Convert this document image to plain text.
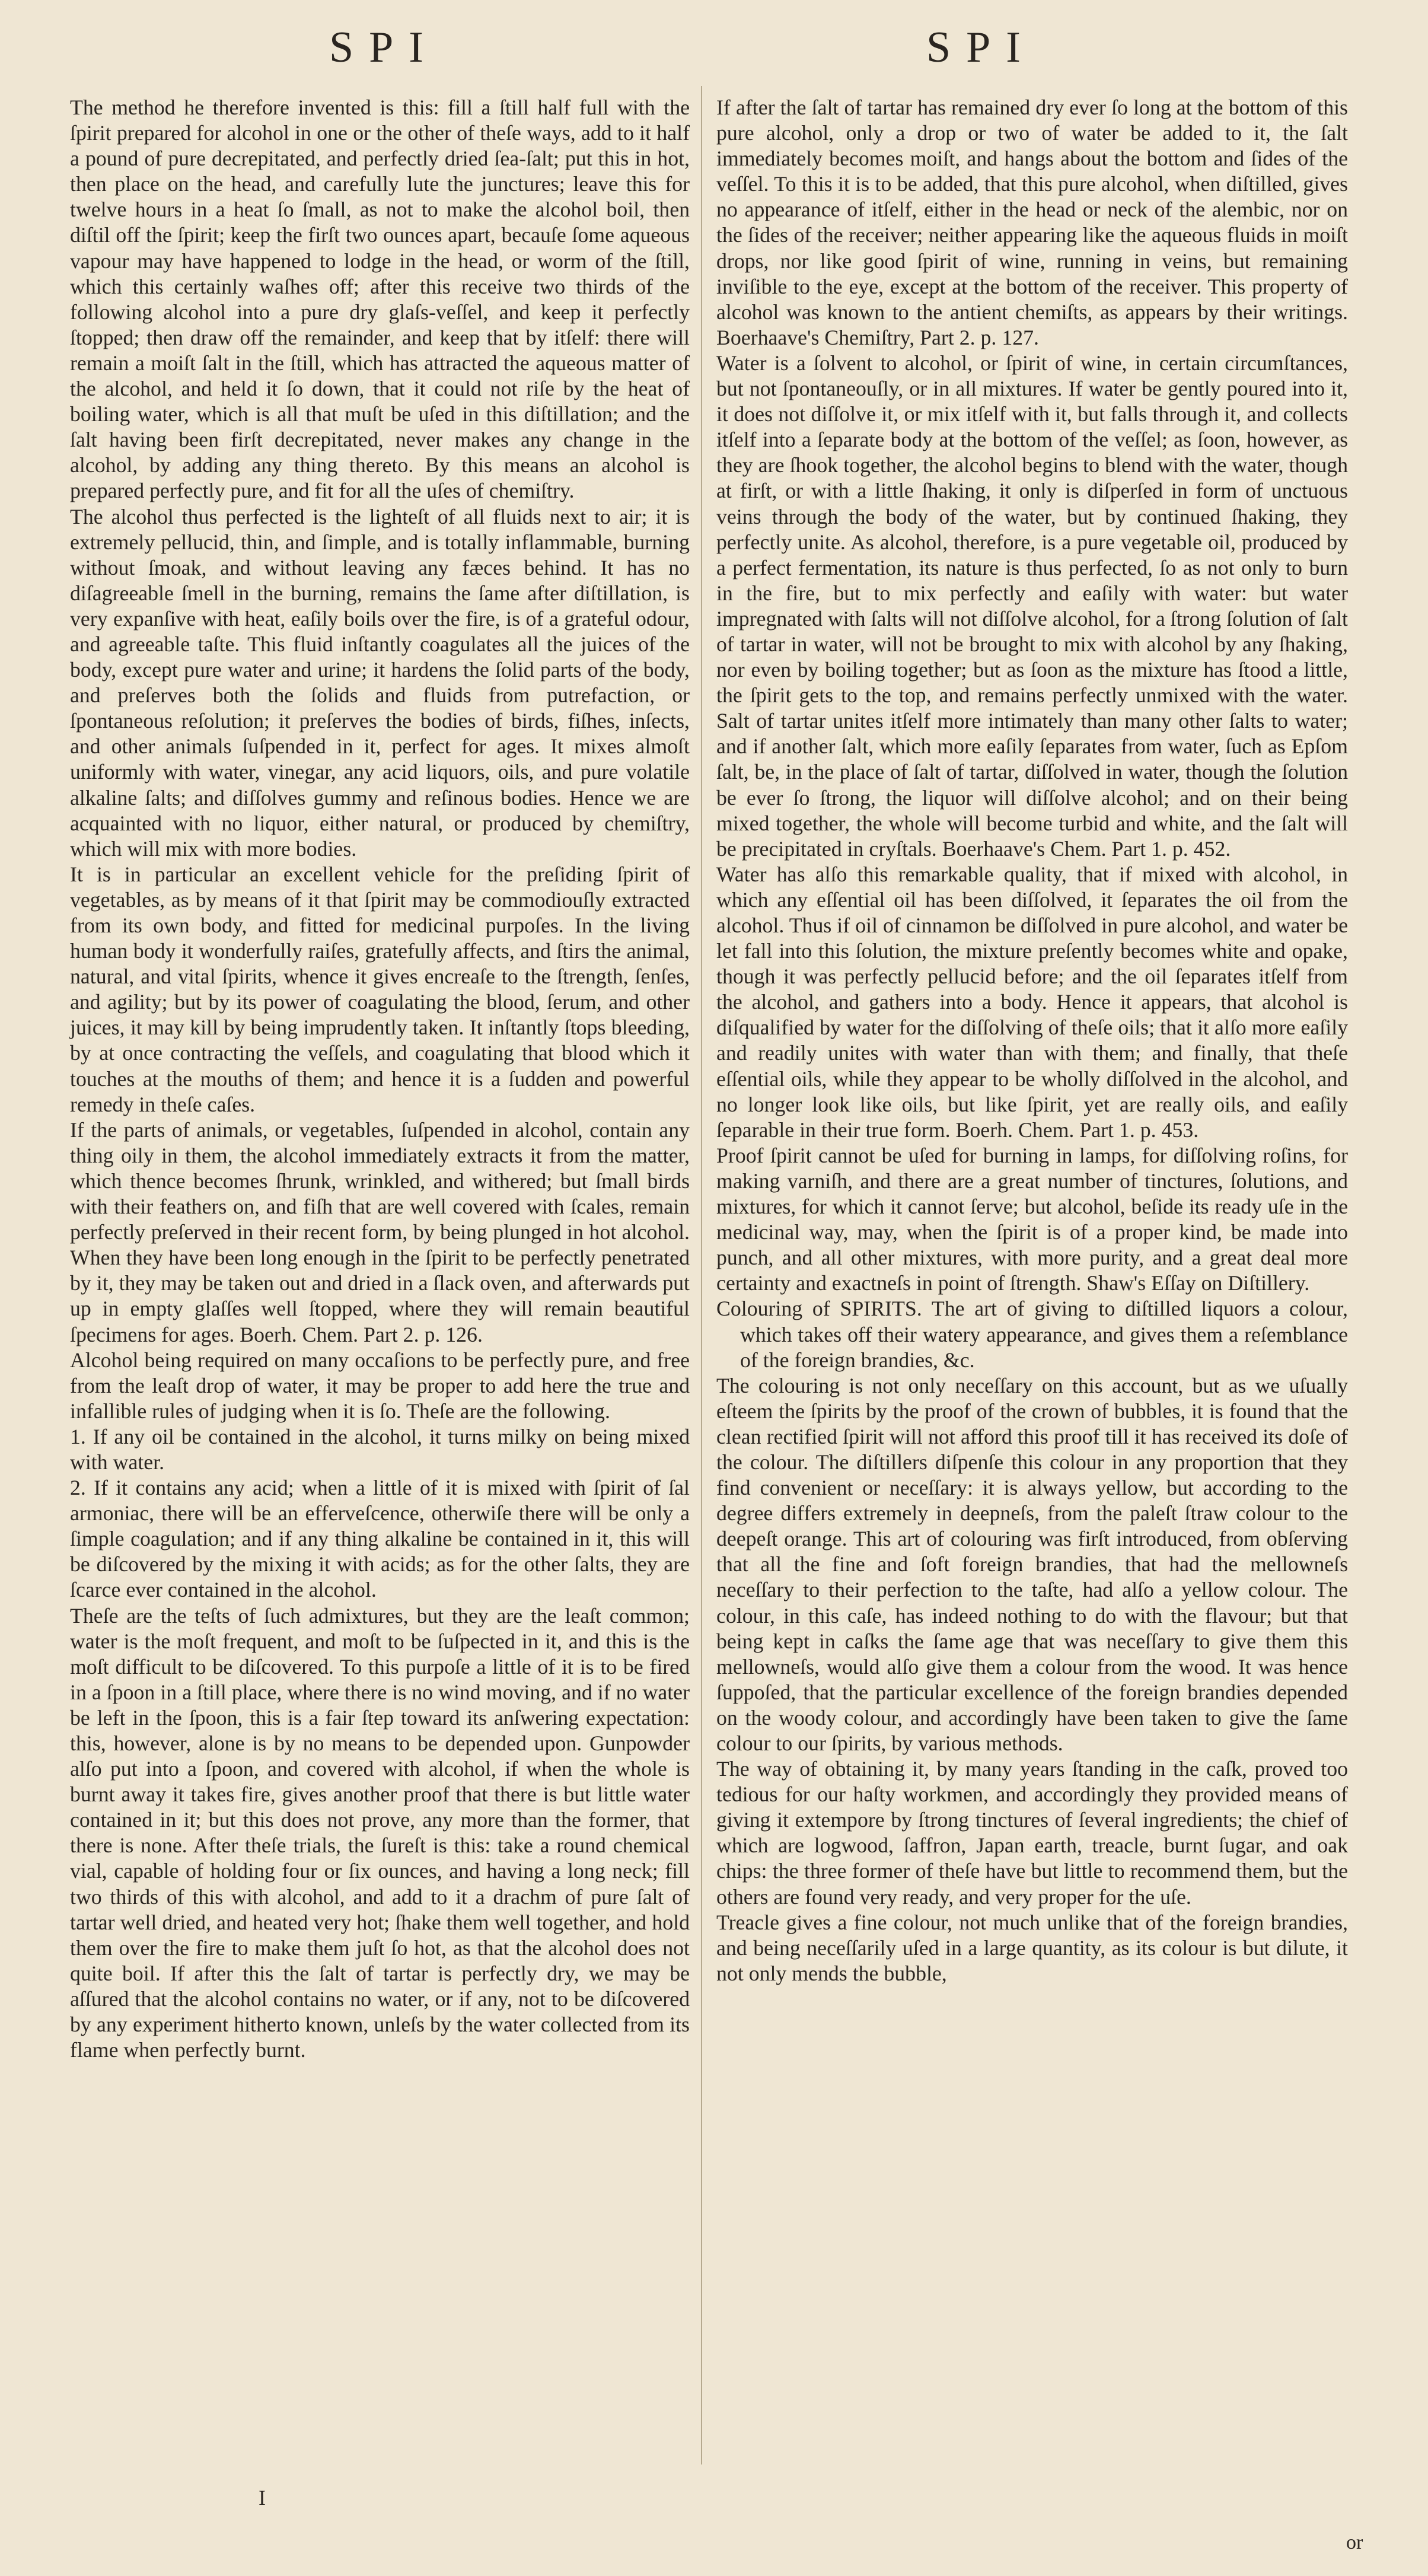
SPI	SPI

The method he therefore invented is this: fill a ſtill half full with the ſpirit prepared for alcohol in one or the other of theſe ways, add to it half a pound of pure decrepitated, and perfectly dried ſea-ſalt; put this in hot, then place on the head, and carefully lute the junctures; leave this for twelve hours in a heat ſo ſmall, as not to make the alcohol boil, then diſtil off the ſpirit; keep the firſt two ounces apart, becauſe ſome aqueous vapour may have happened to lodge in the head, or worm of the ſtill, which this certainly waſhes off; after this receive two thirds of the following alcohol into a pure dry glaſs-veſſel, and keep it perfectly ſtopped; then draw off the remainder, and keep that by itſelf: there will remain a moiſt ſalt in the ſtill, which has attracted the aqueous matter of the alcohol, and held it ſo down, that it could not riſe by the heat of boiling water, which is all that muſt be uſed in this diſtillation; and the ſalt having been firſt decrepitated, never makes any change in the alcohol, by adding any thing thereto. By this means an alcohol is prepared perfectly pure, and fit for all the uſes of chemiſtry.

The alcohol thus perfected is the lighteſt of all fluids next to air; it is extremely pellucid, thin, and ſimple, and is totally inflammable, burning without ſmoak, and without leaving any fæces behind. It has no diſagreeable ſmell in the burning, remains the ſame after diſtillation, is very expanſive with heat, eaſily boils over the fire, is of a grateful odour, and agreeable taſte. This fluid inſtantly coagulates all the juices of the body, except pure water and urine; it hardens the ſolid parts of the body, and preſerves both the ſolids and fluids from putrefaction, or ſpontaneous reſolution; it preſerves the bodies of birds, fiſhes, inſects, and other animals ſuſpended in it, perfect for ages. It mixes almoſt uniformly with water, vinegar, any acid liquors, oils, and pure volatile alkaline ſalts; and diſſolves gummy and reſinous bodies. Hence we are acquainted with no liquor, either natural, or produced by chemiſtry, which will mix with more bodies.

It is in particular an excellent vehicle for the preſiding ſpirit of vegetables, as by means of it that ſpirit may be commodiouſly extracted from its own body, and fitted for medicinal purpoſes. In the living human body it wonderfully raiſes, gratefully affects, and ſtirs the animal, natural, and vital ſpirits, whence it gives encreaſe to the ſtrength, ſenſes, and agility; but by its power of coagulating the blood, ſerum, and other juices, it may kill by being imprudently taken. It inſtantly ſtops bleeding, by at once contracting the veſſels, and coagulating that blood which it touches at the mouths of them; and hence it is a ſudden and powerful remedy in theſe caſes.

If the parts of animals, or vegetables, ſuſpended in alcohol, contain any thing oily in them, the alcohol immediately extracts it from the matter, which thence becomes ſhrunk, wrinkled, and withered; but ſmall birds with their feathers on, and fiſh that are well covered with ſcales, remain perfectly preſerved in their recent form, by being plunged in hot alcohol. When they have been long enough in the ſpirit to be perfectly penetrated by it, they may be taken out and dried in a ſlack oven, and afterwards put up in empty glaſſes well ſtopped, where they will remain beautiful ſpecimens for ages. Boerh. Chem. Part 2. p. 126.

Alcohol being required on many occaſions to be perfectly pure, and free from the leaſt drop of water, it may be proper to add here the true and infallible rules of judging when it is ſo. Theſe are the following.

1. If any oil be contained in the alcohol, it turns milky on being mixed with water.

2. If it contains any acid; when a little of it is mixed with ſpirit of ſal armoniac, there will be an efferveſcence, otherwiſe there will be only a ſimple coagulation; and if any thing alkaline be contained in it, this will be diſcovered by the mixing it with acids; as for the other ſalts, they are ſcarce ever contained in the alcohol.

Theſe are the teſts of ſuch admixtures, but they are the leaſt common; water is the moſt frequent, and moſt to be ſuſpected in it, and this is the moſt difficult to be diſcovered. To this purpoſe a little of it is to be fired in a ſpoon in a ſtill place, where there is no wind moving, and if no water be left in the ſpoon, this is a fair ſtep toward its anſwering expectation: this, however, alone is by no means to be depended upon. Gunpowder alſo put into a ſpoon, and covered with alcohol, if when the whole is burnt away it takes fire, gives another proof that there is but little water contained in it; but this does not prove, any more than the former, that there is none. After theſe trials, the ſureſt is this: take a round chemical vial, capable of holding four or ſix ounces, and having a long neck; fill two thirds of this with alcohol, and add to it a drachm of pure ſalt of tartar well dried, and heated very hot; ſhake them well together, and hold them over the fire to make them juſt ſo hot, as that the alcohol does not quite boil. If after this the ſalt of tartar is perfectly dry, we may be aſſured that the alcohol contains no water, or if any, not to be diſcovered by any experiment hitherto known, unleſs by the water collected from its flame when perfectly burnt.

If after the ſalt of tartar has remained dry ever ſo long at the bottom of this pure alcohol, only a drop or two of water be added to it, the ſalt immediately becomes moiſt, and hangs about the bottom and ſides of the veſſel. To this it is to be added, that this pure alcohol, when diſtilled, gives no appearance of itſelf, either in the head or neck of the alembic, nor on the ſides of the receiver; neither appearing like the aqueous fluids in moiſt drops, nor like good ſpirit of wine, running in veins, but remaining inviſible to the eye, except at the bottom of the receiver. This property of alcohol was known to the antient chemiſts, as appears by their writings. Boerhaave's Chemiſtry, Part 2. p. 127.

Water is a ſolvent to alcohol, or ſpirit of wine, in certain circumſtances, but not ſpontaneouſly, or in all mixtures. If water be gently poured into it, it does not diſſolve it, or mix itſelf with it, but falls through it, and collects itſelf into a ſeparate body at the bottom of the veſſel; as ſoon, however, as they are ſhook together, the alcohol begins to blend with the water, though at firſt, or with a little ſhaking, it only is diſperſed in form of unctuous veins through the body of the water, but by continued ſhaking, they perfectly unite. As alcohol, therefore, is a pure vegetable oil, produced by a perfect fermentation, its nature is thus perfected, ſo as not only to burn in the fire, but to mix perfectly and eaſily with water: but water impregnated with ſalts will not diſſolve alcohol, for a ſtrong ſolution of ſalt of tartar in water, will not be brought to mix with alcohol by any ſhaking, nor even by boiling together; but as ſoon as the mixture has ſtood a little, the ſpirit gets to the top, and remains perfectly unmixed with the water. Salt of tartar unites itſelf more intimately than many other ſalts to water; and if another ſalt, which more eaſily ſeparates from water, ſuch as Epſom ſalt, be, in the place of ſalt of tartar, diſſolved in water, though the ſolution be ever ſo ſtrong, the liquor will diſſolve alcohol; and on their being mixed together, the whole will become turbid and white, and the ſalt will be precipitated in cryſtals. Boerhaave's Chem. Part 1. p. 452.

Water has alſo this remarkable quality, that if mixed with alcohol, in which any eſſential oil has been diſſolved, it ſeparates the oil from the alcohol. Thus if oil of cinnamon be diſſolved in pure alcohol, and water be let fall into this ſolution, the mixture preſently becomes white and opake, though it was perfectly pellucid before; and the oil ſeparates itſelf from the alcohol, and gathers into a body. Hence it appears, that alcohol is diſqualified by water for the diſſolving of theſe oils; that it alſo more eaſily and readily unites with water than with them; and finally, that theſe eſſential oils, while they appear to be wholly diſſolved in the alcohol, and no longer look like oils, but like ſpirit, yet are really oils, and eaſily ſeparable in their true form. Boerh. Chem. Part 1. p. 453.

Proof ſpirit cannot be uſed for burning in lamps, for diſſolving roſins, for making varniſh, and there are a great number of tinctures, ſolutions, and mixtures, for which it cannot ſerve; but alcohol, beſide its ready uſe in the medicinal way, may, when the ſpirit is of a proper kind, be made into punch, and all other mixtures, with more purity, and a great deal more certainty and exactneſs in point of ſtrength. Shaw's Eſſay on Diſtillery.

Colouring of SPIRITS. The art of giving to diſtilled liquors a colour, which takes off their watery appearance, and gives them a reſemblance of the foreign brandies, &c.

The colouring is not only neceſſary on this account, but as we uſually eſteem the ſpirits by the proof of the crown of bubbles, it is found that the clean rectified ſpirit will not afford this proof till it has received its doſe of the colour. The diſtillers diſpenſe this colour in any proportion that they find convenient or neceſſary: it is always yellow, but according to the degree differs extremely in deepneſs, from the paleſt ſtraw colour to the deepeſt orange. This art of colouring was firſt introduced, from obſerving that all the fine and ſoft foreign brandies, that had the mellowneſs neceſſary to their perfection to the taſte, had alſo a yellow colour. The colour, in this caſe, has indeed nothing to do with the flavour; but that being kept in caſks the ſame age that was neceſſary to give them this mellowneſs, would alſo give them a colour from the wood. It was hence ſuppoſed, that the particular excellence of the foreign brandies depended on the woody colour, and accordingly have been taken to give the ſame colour to our ſpirits, by various methods.

The way of obtaining it, by many years ſtanding in the caſk, proved too tedious for our haſty workmen, and accordingly they provided means of giving it extempore by ſtrong tinctures of ſeveral ingredients; the chief of which are logwood, ſaffron, Japan earth, treacle, burnt ſugar, and oak chips: the three former of theſe have but little to recommend them, but the others are found very ready, and very proper for the uſe.

Treacle gives a fine colour, not much unlike that of the foreign brandies, and being neceſſarily uſed in a large quantity, as its colour is but dilute, it not only mends the bubble,

I
or
